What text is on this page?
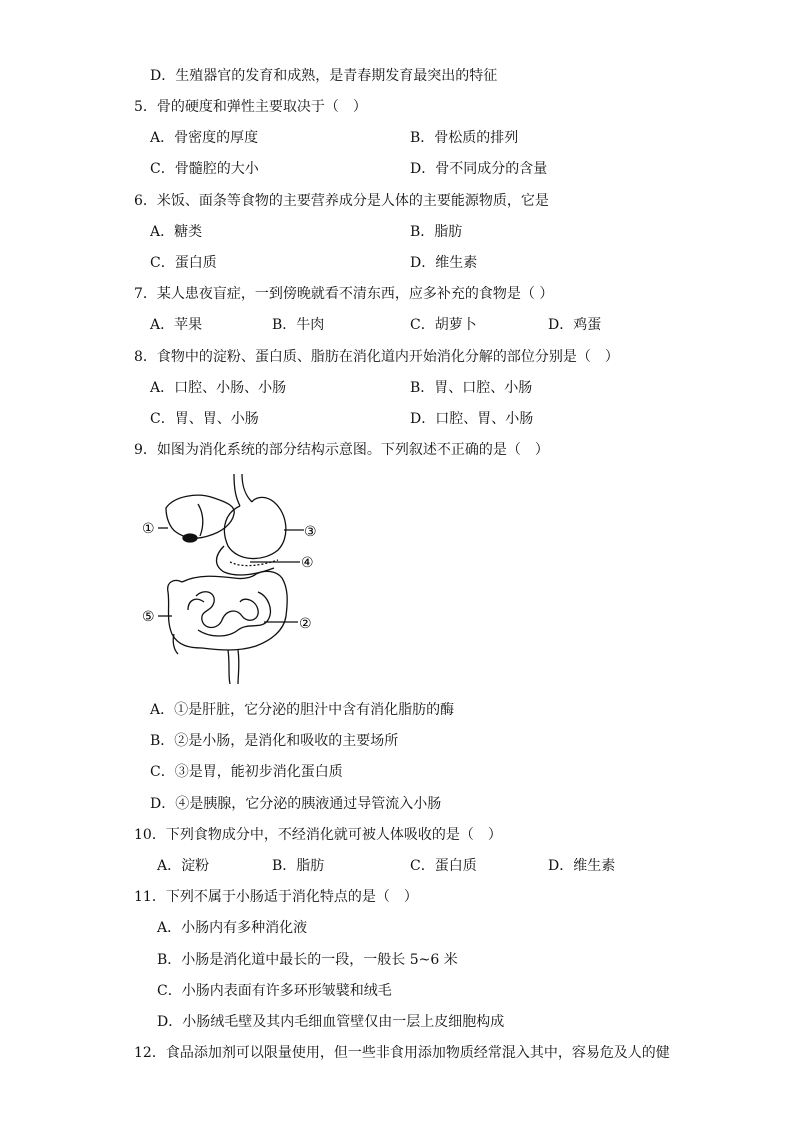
D．生殖器官的发育和成熟，是青春期发育最突出的特征
5．骨的硬度和弹性主要取决于（　）
A．骨密度的厚度	B．骨松质的排列
C．骨髓腔的大小	D．骨不同成分的含量
6．米饭、面条等食物的主要营养成分是人体的主要能源物质，它是
A．糖类	B．脂肪
C．蛋白质	D．维生素
7．某人患夜盲症，一到傍晚就看不清东西，应多补充的食物是（ ）
A．苹果	B．牛肉	C．胡萝卜	D．鸡蛋
8．食物中的淀粉、蛋白质、脂肪在消化道内开始消化分解的部位分别是（　）
A．口腔、小肠、小肠	B．胃、口腔、小肠
C．胃、胃、小肠	D．口腔、胃、小肠
9．如图为消化系统的部分结构示意图。下列叙述不正确的是（　）
①	③
④
②
⑤
A．①是肝脏，它分泌的胆汁中含有消化脂肪的酶
B．②是小肠，是消化和吸收的主要场所
C．③是胃，能初步消化蛋白质
D．④是胰腺，它分泌的胰液通过导管流入小肠
10．下列食物成分中，不经消化就可被人体吸收的是（　）
A．淀粉	B．脂肪	C．蛋白质	D．维生素
11．下列不属于小肠适于消化特点的是（　）
A．小肠内有多种消化液
B．小肠是消化道中最长的一段，一般长 5~6 米
C．小肠内表面有许多环形皱襞和绒毛
D．小肠绒毛壁及其内毛细血管壁仅由一层上皮细胞构成
12．食品添加剂可以限量使用，但一些非食用添加物质经常混入其中，容易危及人的健
